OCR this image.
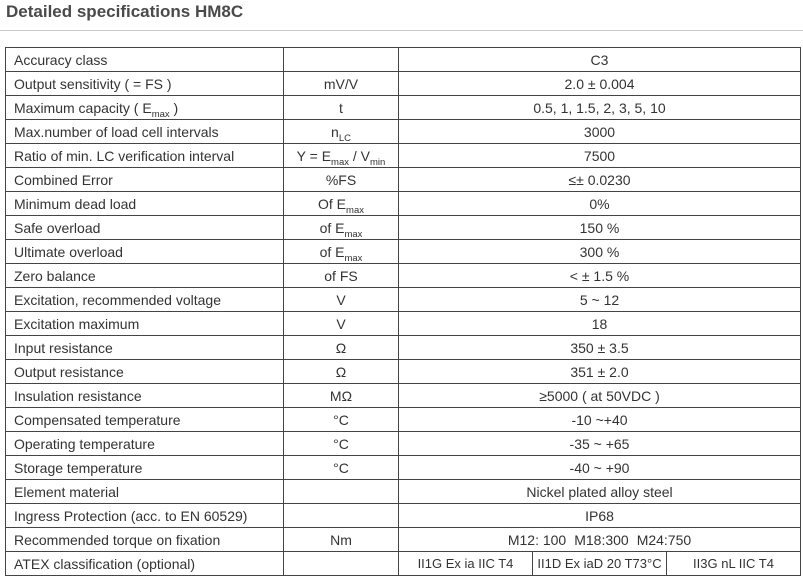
Detailed specifications HM8C
Accuracy class		C3
Output sensitivity ( = FS )	mV/V	2.0 ± 0.004
Maximum capacity ( $E_{max}$ )	t	0.5, 1, 1.5, 2, 3, 5, 10
Max.number of load cell intervals	$n_{LC}$	3000
Ratio of min. LC verification interval	$Y = E_{max} / V_{min}$	7500
Combined Error	%FS	≤± 0.0230
Minimum dead load	Of $E_{max}$	0%
Safe overload	of $E_{max}$	150 %
Ultimate overload	of $E_{max}$	300 %
Zero balance	of FS	< ± 1.5 %
Excitation, recommended voltage	V	5 ~ 12
Excitation maximum	V	18
Input resistance	Ω	350 ± 3.5
Output resistance	Ω	351 ± 2.0
Insulation resistance	MΩ	≥5000 ( at 50VDC )
Compensated temperature	°C	-10 ~+40
Operating temperature	°C	-35 ~ +65
Storage temperature	°C	-40 ~ +90
Element material		Nickel plated alloy steel
Ingress Protection (acc. to EN 60529)		IP68
Recommended torque on fixation	Nm	M12: 100 M18:300 M24:750
ATEX classification (optional)		II1G Ex ia IIC T4 II1D Ex iaD 20 T73°C II3G nL IIC T4
